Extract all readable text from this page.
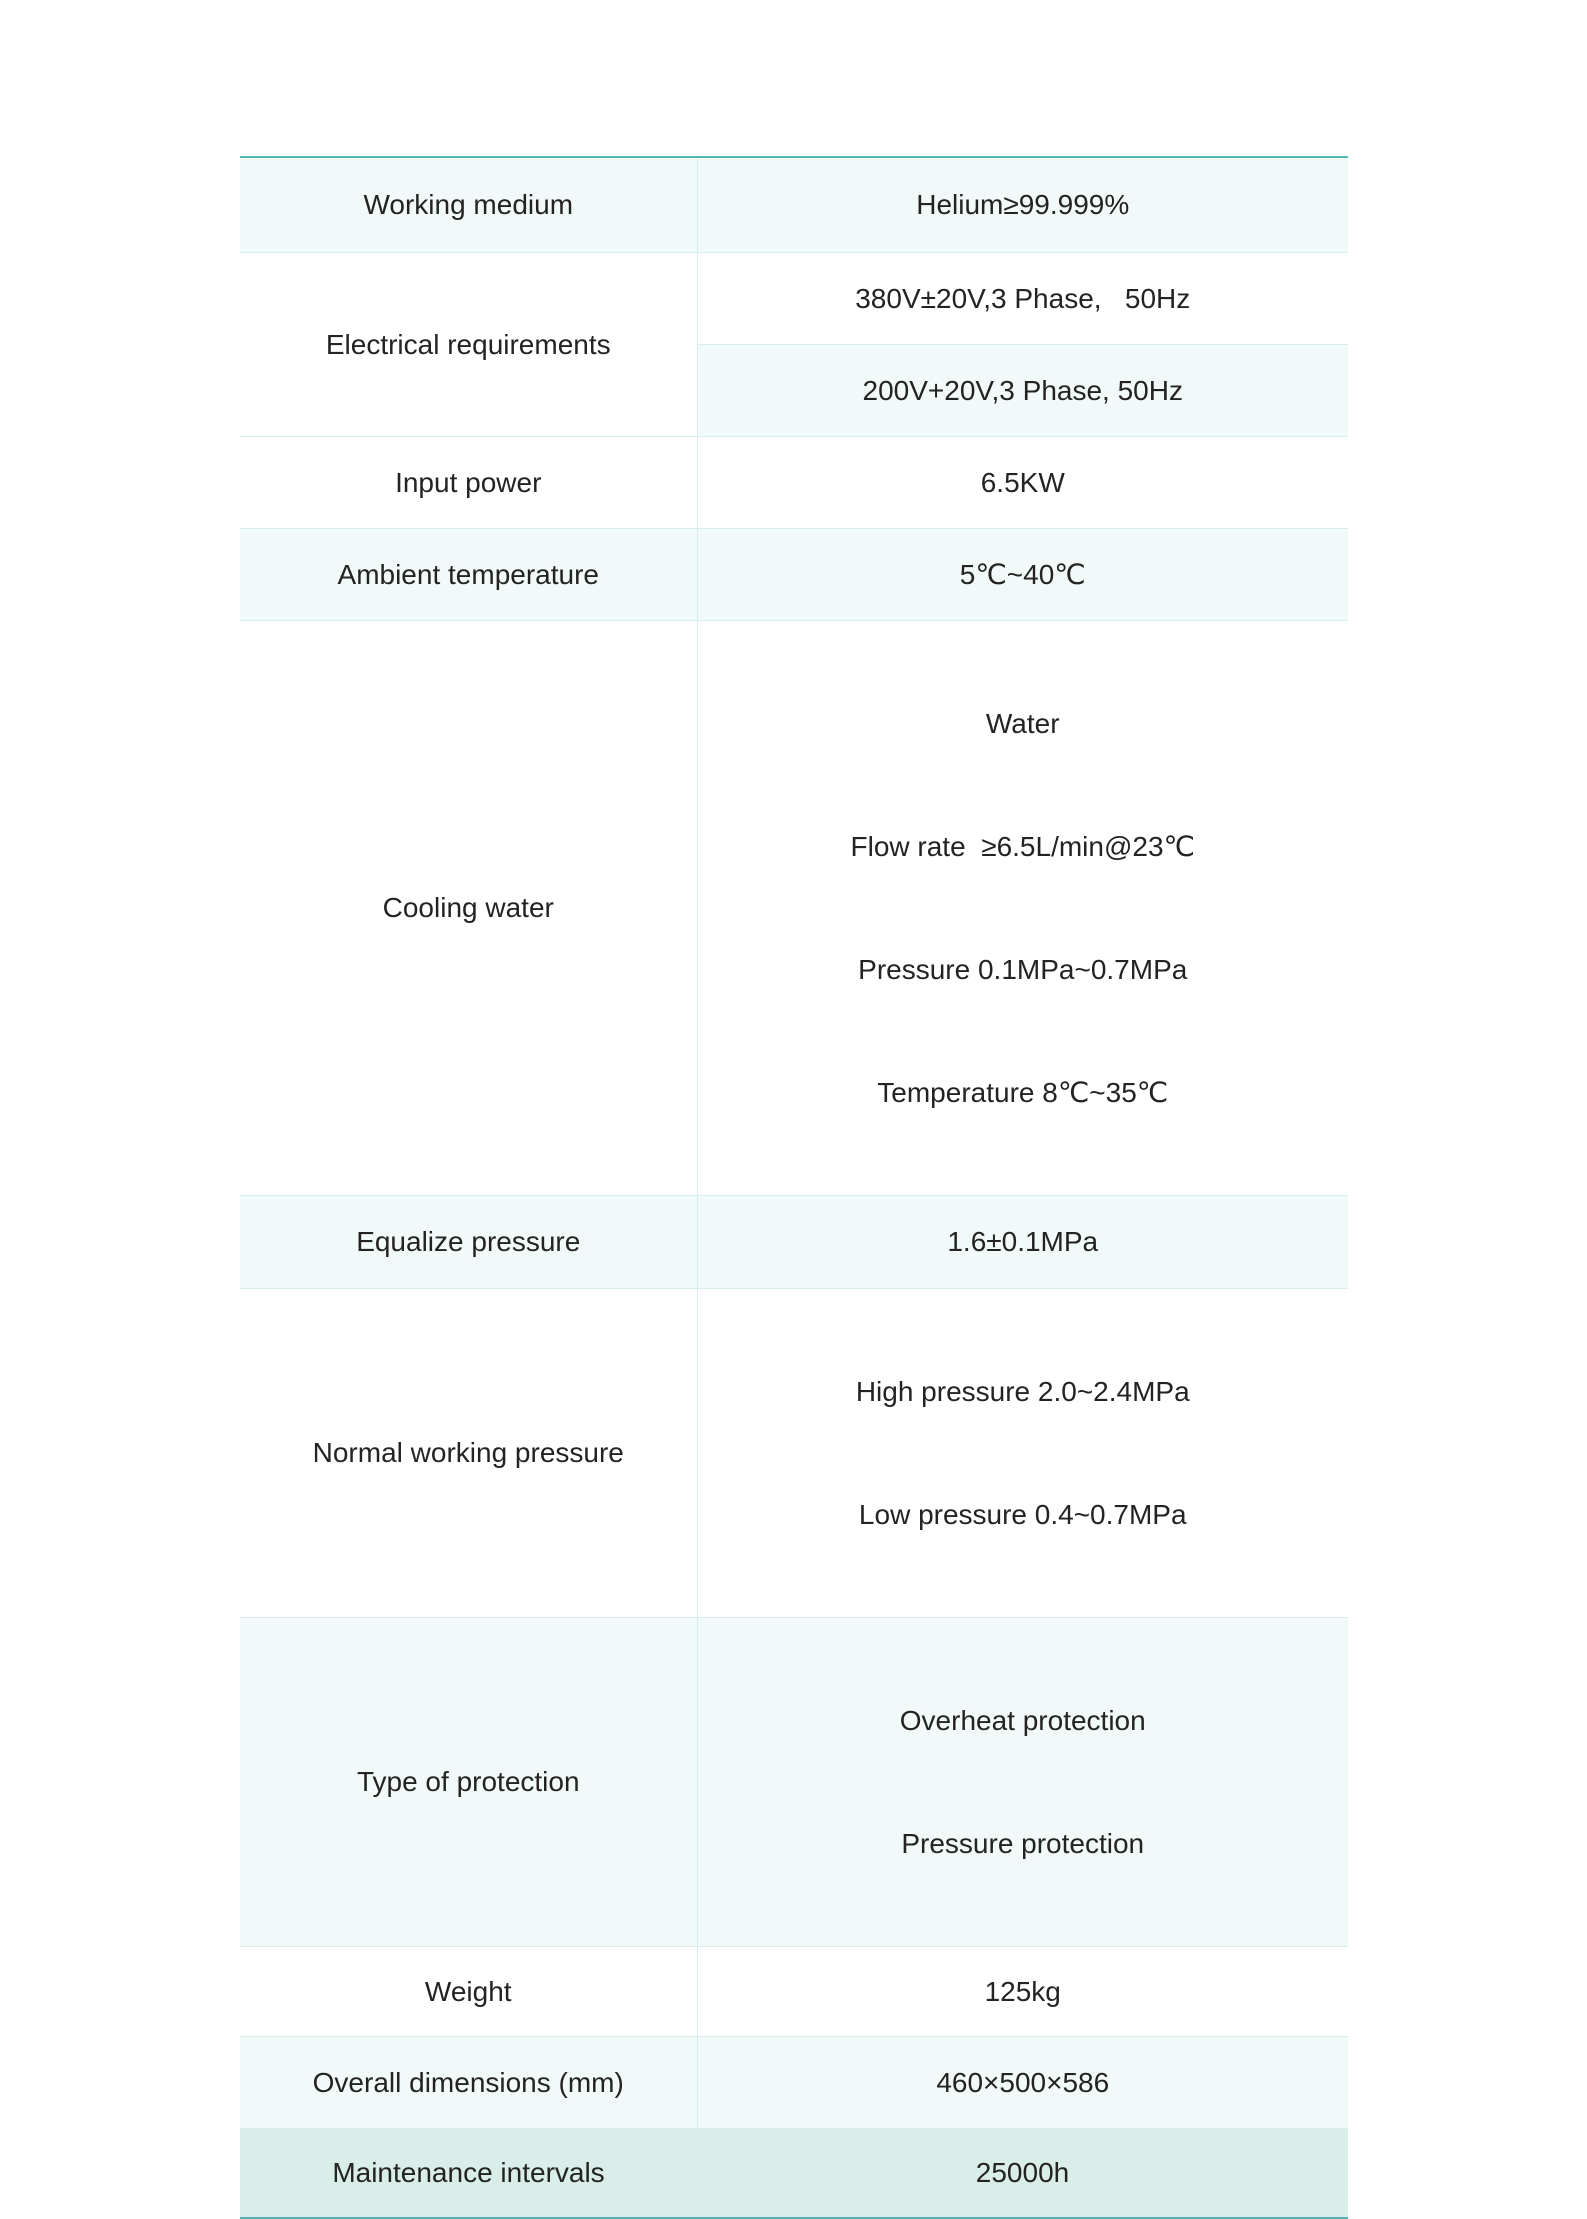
Working medium	Helium≥99.999%
Electrical requirements	380V±20V,3 Phase,   50Hz
	200V+20V,3 Phase, 50Hz
Input power	6.5KW
Ambient temperature	5℃~40℃
Cooling water	Water

Flow rate  ≥6.5L/min@23℃

Pressure 0.1MPa~0.7MPa

Temperature 8℃~35℃

Equalize pressure	1.6±0.1MPa
Normal working pressure	High pressure 2.0~2.4MPa

Low pressure 0.4~0.7MPa

Type of protection	Overheat protection

Pressure protection

Weight	125kg
Overall dimensions (mm)	460×500×586
Maintenance intervals	25000h
